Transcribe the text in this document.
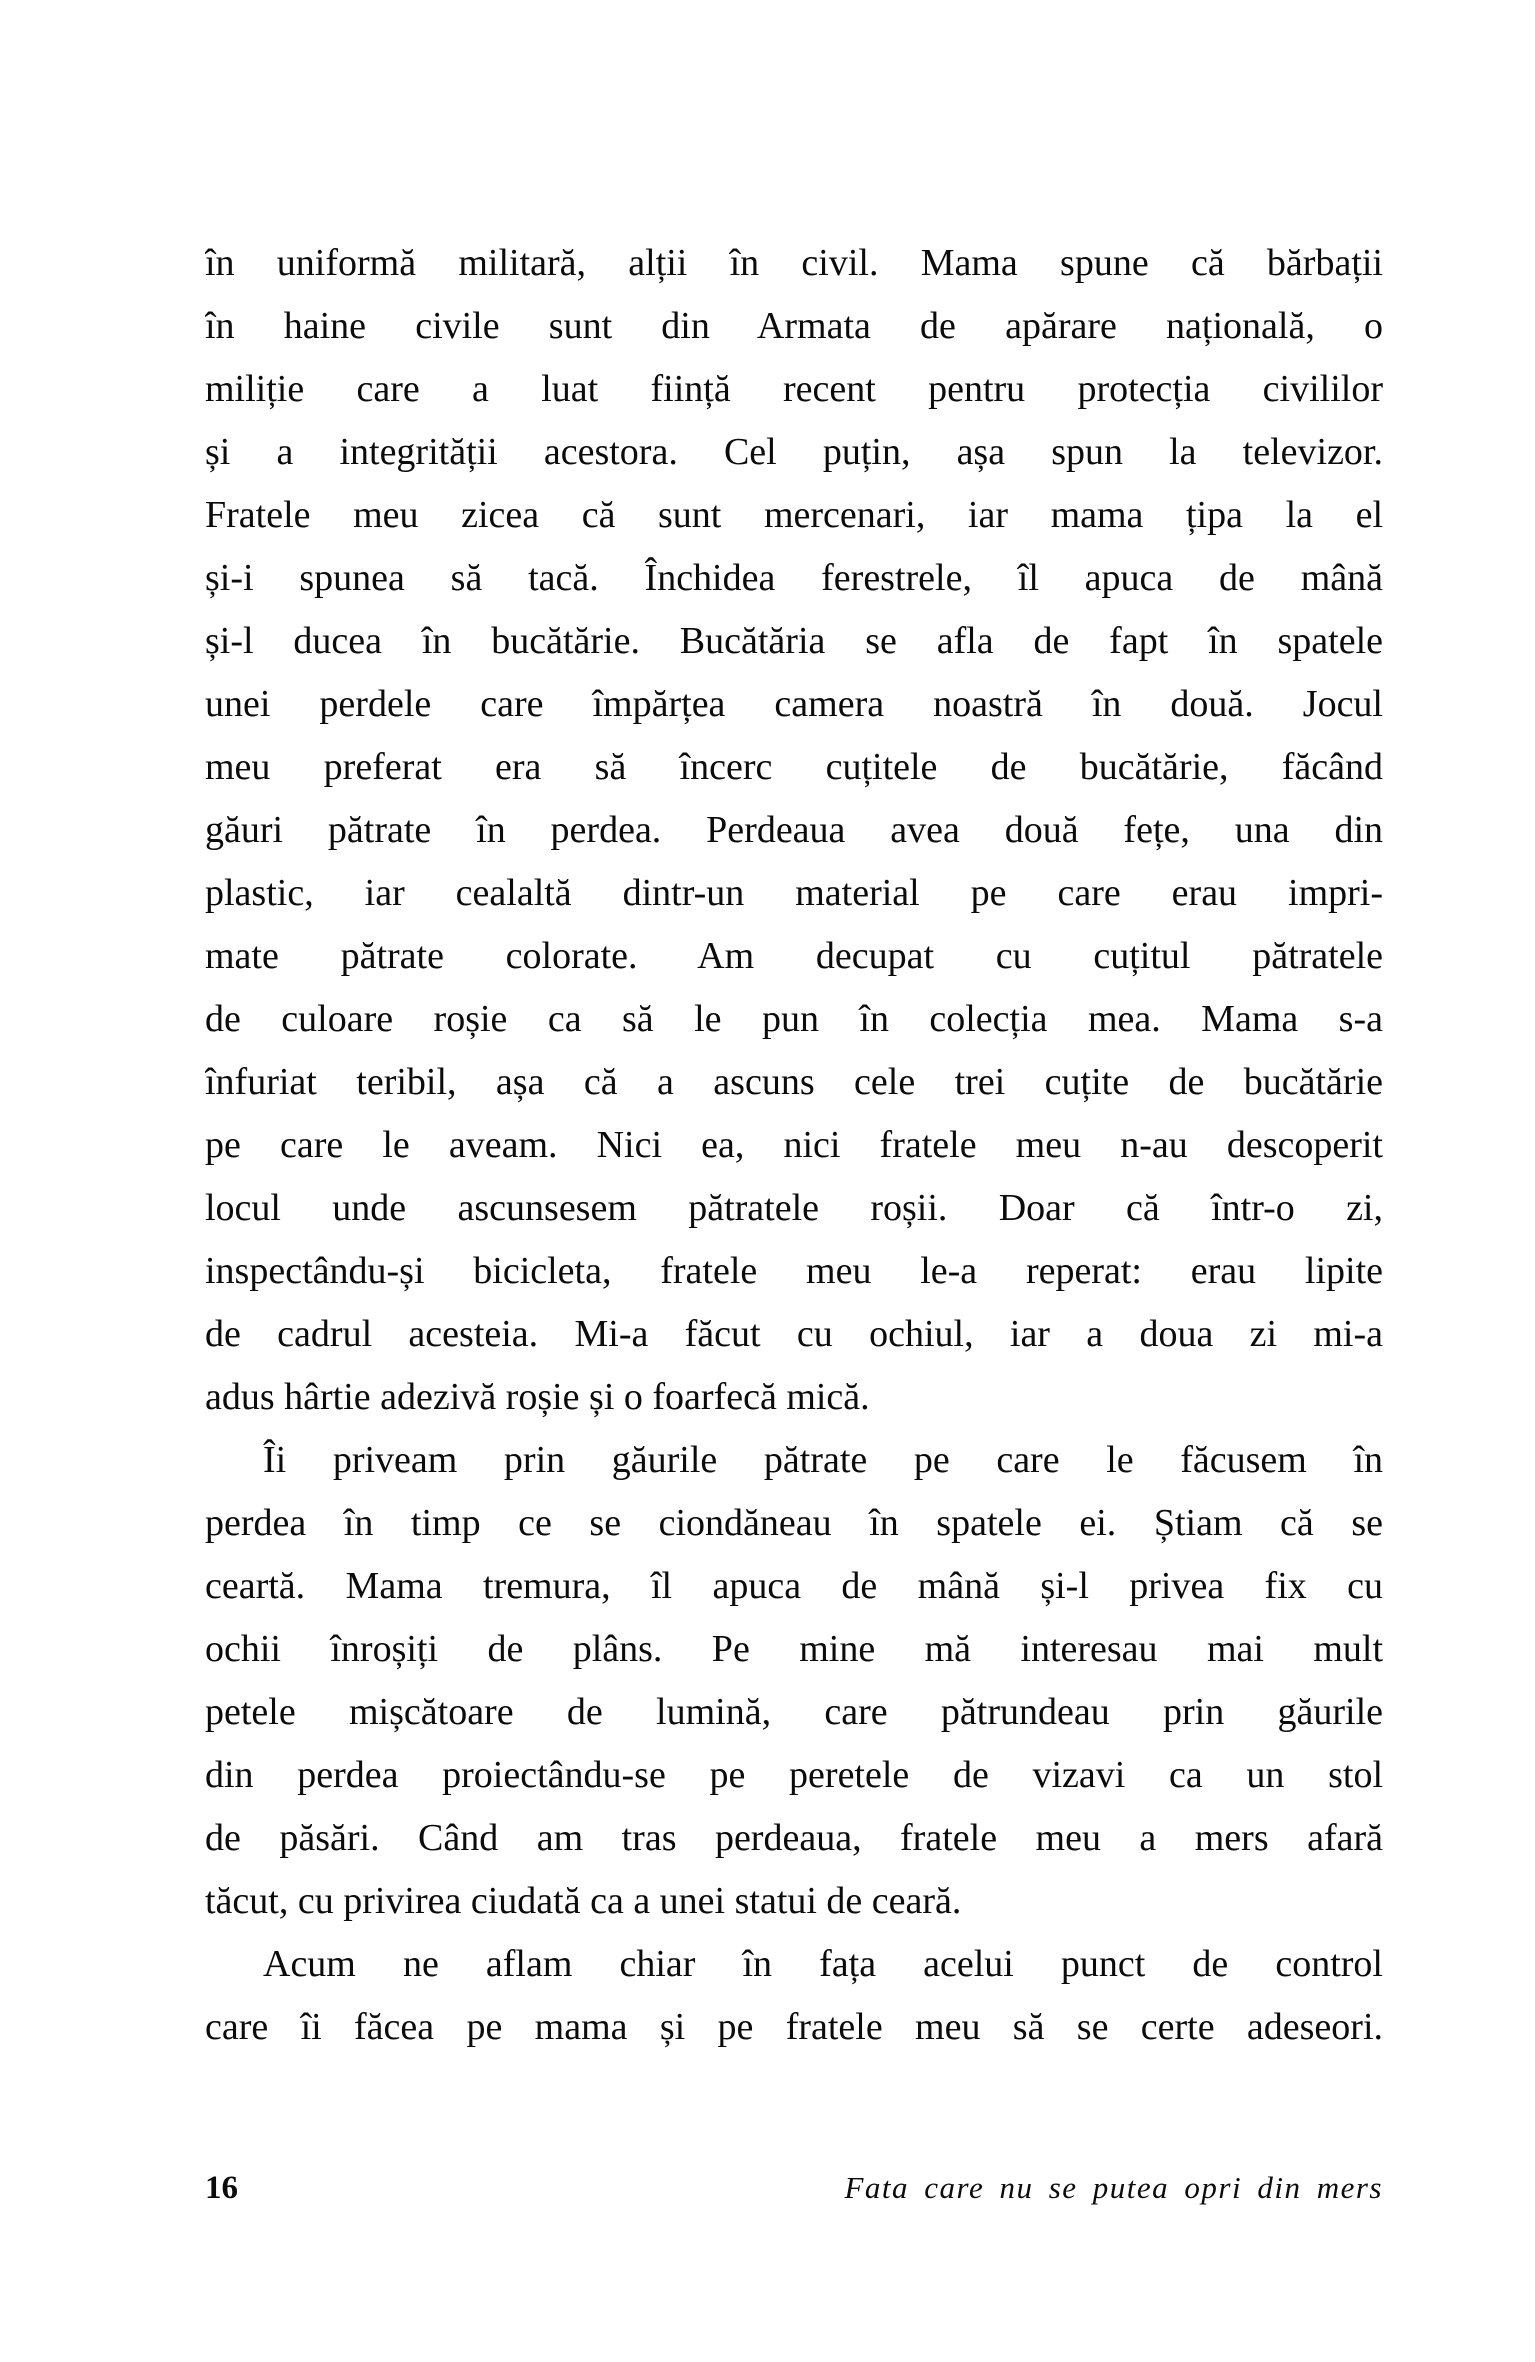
în uniformă militară, alții în civil. Mama spune că bărbații
în haine civile sunt din Armata de apărare națională, o
miliție care a luat ființă recent pentru protecția civililor
și a integrității acestora. Cel puțin, așa spun la televizor.
Fratele meu zicea că sunt mercenari, iar mama țipa la el
și-i spunea să tacă. Închidea ferestrele, îl apuca de mână
și-l ducea în bucătărie. Bucătăria se afla de fapt în spatele
unei perdele care împărțea camera noastră în două. Jocul
meu preferat era să încerc cuțitele de bucătărie, făcând
găuri pătrate în perdea. Perdeaua avea două fețe, una din
plastic, iar cealaltă dintr-un material pe care erau impri-
mate pătrate colorate. Am decupat cu cuțitul pătratele
de culoare roșie ca să le pun în colecția mea. Mama s-a
înfuriat teribil, așa că a ascuns cele trei cuțite de bucătărie
pe care le aveam. Nici ea, nici fratele meu n-au descoperit
locul unde ascunsesem pătratele roșii. Doar că într-o zi,
inspectându-și bicicleta, fratele meu le-a reperat: erau lipite
de cadrul acesteia. Mi-a făcut cu ochiul, iar a doua zi mi-a
adus hârtie adezivă roșie și o foarfecă mică.
Îi priveam prin găurile pătrate pe care le făcusem în
perdea în timp ce se ciondăneau în spatele ei. Știam că se
ceartă. Mama tremura, îl apuca de mână și-l privea fix cu
ochii înroșiți de plâns. Pe mine mă interesau mai mult
petele mișcătoare de lumină, care pătrundeau prin găurile
din perdea proiectându-se pe peretele de vizavi ca un stol
de păsări. Când am tras perdeaua, fratele meu a mers afară
tăcut, cu privirea ciudată ca a unei statui de ceară.
Acum ne aflam chiar în fața acelui punct de control
care îi făcea pe mama și pe fratele meu să se certe adeseori.
16	Fata care nu se putea opri din mers
